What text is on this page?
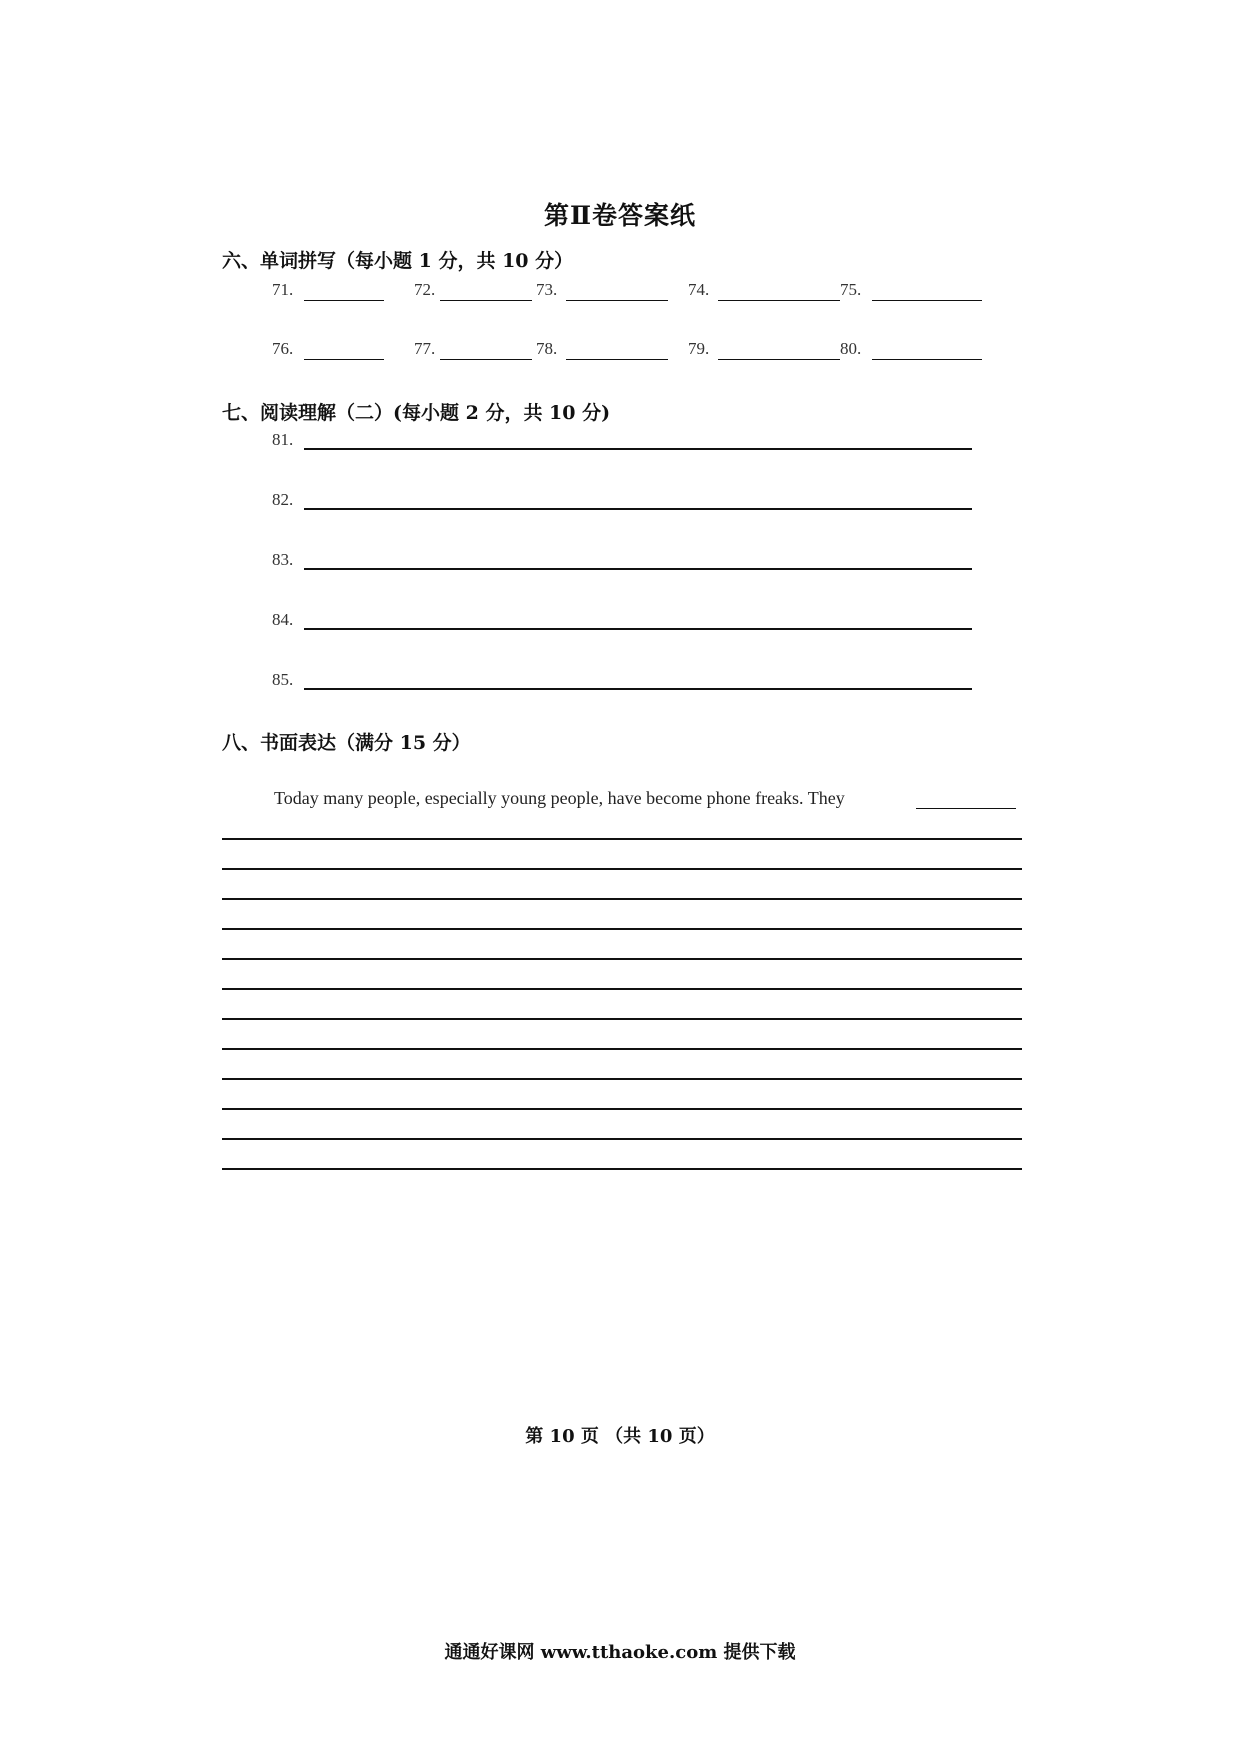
第Ⅱ卷答案纸
六、单词拼写（每小题 1 分，共 10 分）
71.	72.	73.	74.	75.
76.	77.	78.	79.	80.
七、阅读理解（二）(每小题 2 分，共 10 分)
81.
82.
83.
84.
85.
八、书面表达（满分 15 分）
Today many people, especially young people, have become phone freaks. They
第 10 页 （共 10 页）
通通好课网 www.tthaoke.com 提供下载
